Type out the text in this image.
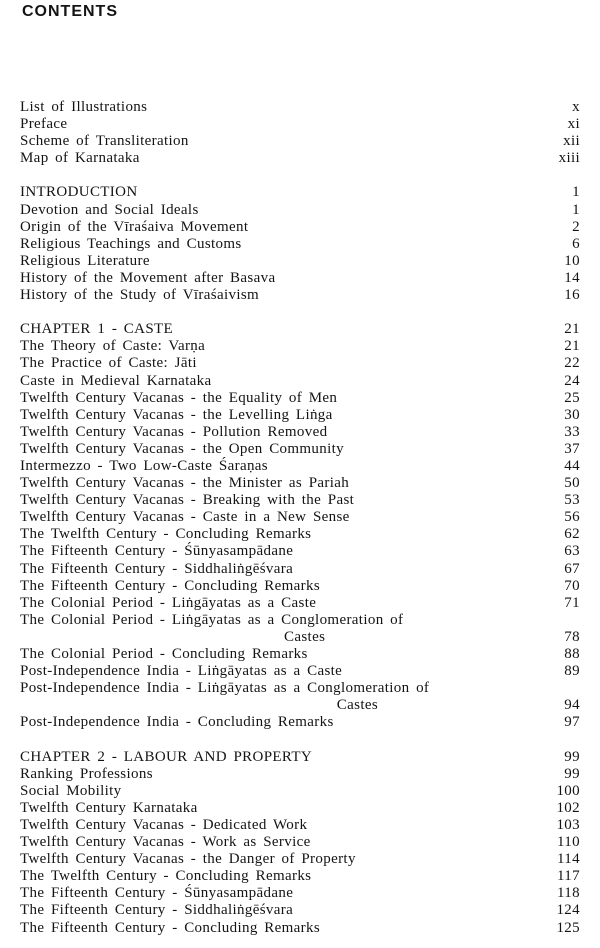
CONTENTS
List of Illustrations	x
Preface	xi
Scheme of Transliteration	xii
Map of Karnataka	xiii
INTRODUCTION	1
Devotion and Social Ideals	1
Origin of the Vīraśaiva Movement	2
Religious Teachings and Customs	6
Religious Literature	10
History of the Movement after Basava	14
History of the Study of Vīraśaivism	16
CHAPTER 1 - CASTE	21
The Theory of Caste: Varṇa	21
The Practice of Caste: Jāti	22
Caste in Medieval Karnataka	24
Twelfth Century Vacanas - the Equality of Men	25
Twelfth Century Vacanas - the Levelling Liṅga	30
Twelfth Century Vacanas - Pollution Removed	33
Twelfth Century Vacanas - the Open Community	37
Intermezzo - Two Low-Caste Śaraṇas	44
Twelfth Century Vacanas - the Minister as Pariah	50
Twelfth Century Vacanas - Breaking with the Past	53
Twelfth Century Vacanas - Caste in a New Sense	56
The Twelfth Century - Concluding Remarks	62
The Fifteenth Century - Śūnyasampādane	63
The Fifteenth Century - Siddhaliṅgēśvara	67
The Fifteenth Century - Concluding Remarks	70
The Colonial Period - Liṅgāyatas as a Caste	71
The Colonial Period - Liṅgāyatas as a Conglomeration of
Castes	78
The Colonial Period - Concluding Remarks	88
Post-Independence India - Liṅgāyatas as a Caste	89
Post-Independence India - Liṅgāyatas as a Conglomeration of
Castes	94
Post-Independence India - Concluding Remarks	97
CHAPTER 2 - LABOUR AND PROPERTY	99
Ranking Professions	99
Social Mobility	100
Twelfth Century Karnataka	102
Twelfth Century Vacanas - Dedicated Work	103
Twelfth Century Vacanas - Work as Service	110
Twelfth Century Vacanas - the Danger of Property	114
The Twelfth Century - Concluding Remarks	117
The Fifteenth Century - Śūnyasampādane	118
The Fifteenth Century - Siddhaliṅgēśvara	124
The Fifteenth Century - Concluding Remarks	125
